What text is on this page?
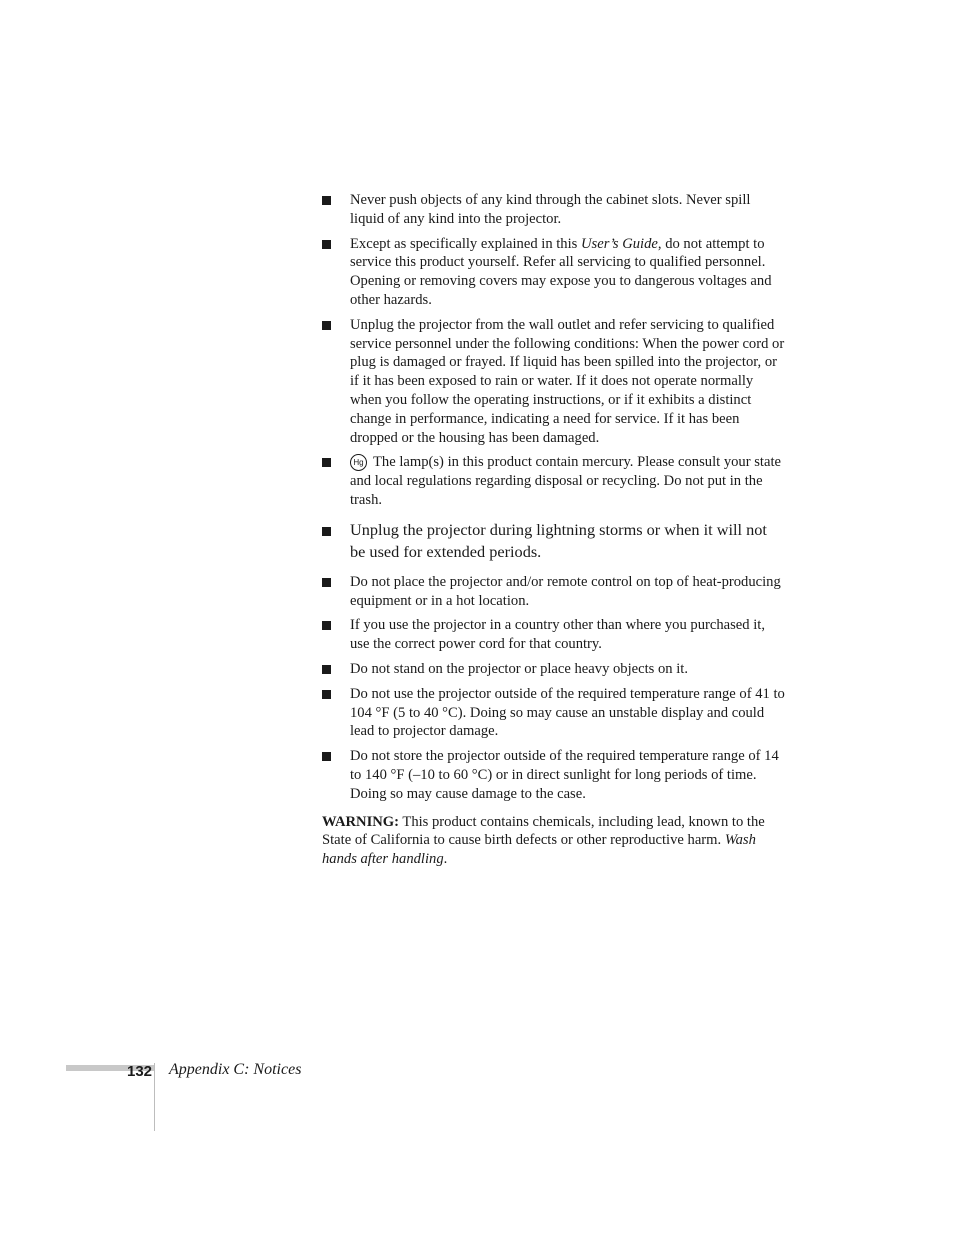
Never push objects of any kind through the cabinet slots. Never spill liquid of any kind into the projector.
Except as specifically explained in this User’s Guide, do not attempt to service this product yourself. Refer all servicing to qualified personnel. Opening or removing covers may expose you to dangerous voltages and other hazards.
Unplug the projector from the wall outlet and refer servicing to qualified service personnel under the following conditions: When the power cord or plug is damaged or frayed. If liquid has been spilled into the projector, or if it has been exposed to rain or water. If it does not operate normally when you follow the operating instructions, or if it exhibits a distinct change in performance, indicating a need for service. If it has been dropped or the housing has been damaged.
Hg The lamp(s) in this product contain mercury. Please consult your state and local regulations regarding disposal or recycling. Do not put in the trash.
Unplug the projector during lightning storms or when it will not be used for extended periods.
Do not place the projector and/or remote control on top of heat-producing equipment or in a hot location.
If you use the projector in a country other than where you purchased it, use the correct power cord for that country.
Do not stand on the projector or place heavy objects on it.
Do not use the projector outside of the required temperature range of 41 to 104 °F (5 to 40 °C). Doing so may cause an unstable display and could lead to projector damage.
Do not store the projector outside of the required temperature range of 14 to 140 °F (–10 to 60 °C) or in direct sunlight for long periods of time. Doing so may cause damage to the case.
WARNING: This product contains chemicals, including lead, known to the State of California to cause birth defects or other reproductive harm. Wash hands after handling.
132 Appendix C: Notices
